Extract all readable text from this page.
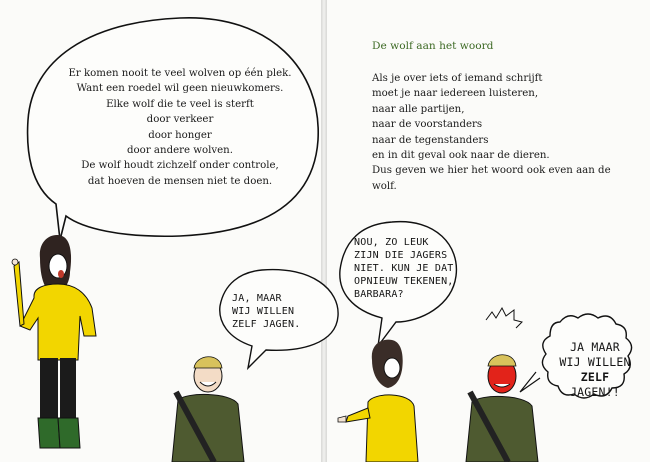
Er komen nooit te veel wolven op één plek.
Want een roedel wil geen nieuwkomers.
Elke wolf die te veel is sterft
door verkeer
door honger
door andere wolven.
De wolf houdt zichzelf onder controle,
dat hoeven de mensen niet te doen.
JA, MAAR
WIJ WILLEN
ZELF JAGEN.
De wolf aan het woord
Als je over iets of iemand schrijft
moet je naar iedereen luisteren,
naar alle partijen,
naar de voorstanders
naar de tegenstanders
en in dit geval ook naar de dieren.
Dus geven we hier het woord ook even aan de
wolf.
NOU, ZO LEUK
ZIJN DIE JAGERS
NIET. KUN JE DAT
OPNIEUW TEKENEN,
BARBARA?
JA MAAR
WIJ WILLEN
ZELF
JAGEN!!
